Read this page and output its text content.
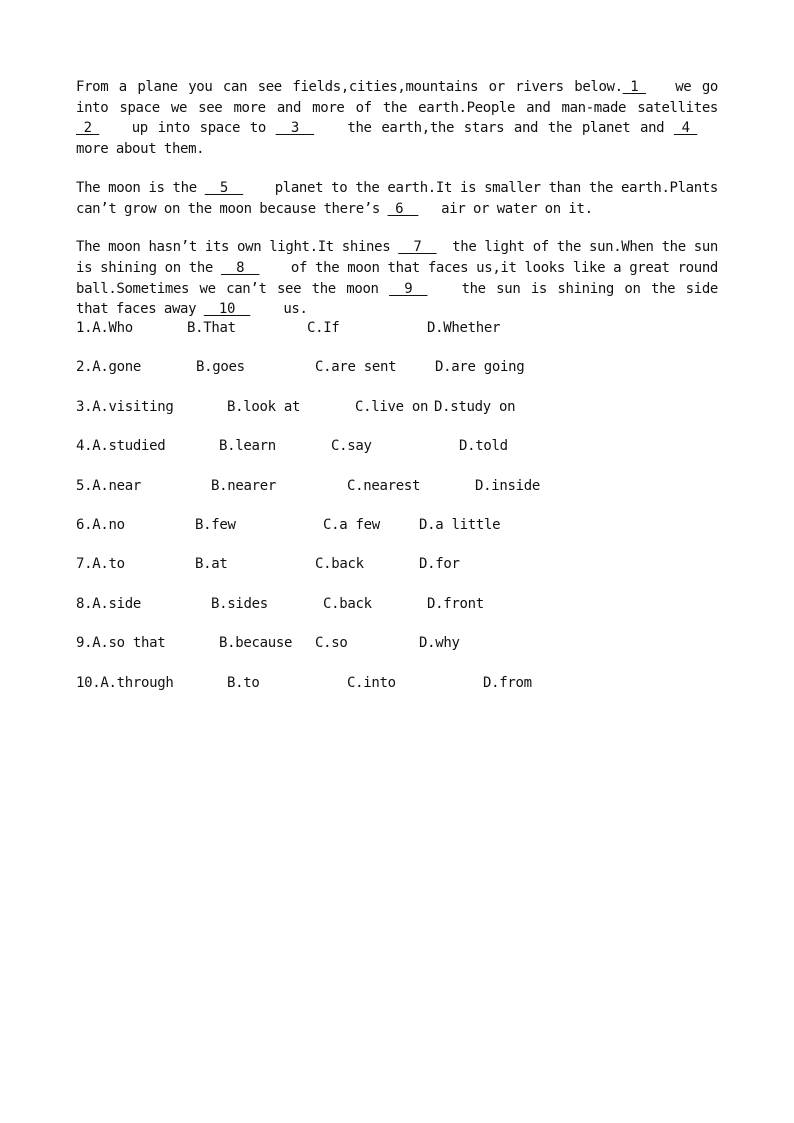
From a plane you can see fields,cities,mountains or rivers below. 1  we go into space we see more and more of the earth.People and man-made satellites  2  up into space to   3   the earth,the stars and the planet and  4 more about them.

The moon is the   5   planet to the earth.It is smaller than the earth.Plants can’t grow on the moon because there’s  6   air or water on it.

The moon hasn’t its own light.It shines   7   the light of the sun.When the sun is shining on the   8   of the moon that faces us,it looks like a great round ball.Sometimes we can’t see the moon   9   the sun is shining on the side that faces away   10   us.

1.A.Who	B.That	C.If	D.Whether
2.A.gone	B.goes	C.are sent	D.are going
3.A.visiting	B.look at	C.live on D.study on
4.A.studied	B.learn	C.say	D.told
5.A.near	B.nearer	C.nearest	D.inside
6.A.no	B.few	C.a few	D.a little
7.A.to	B.at	C.back	D.for
8.A.side	B.sides	C.back	D.front
9.A.so that	B.because C.so	D.why
10.A.through	B.to	C.into	D.from
